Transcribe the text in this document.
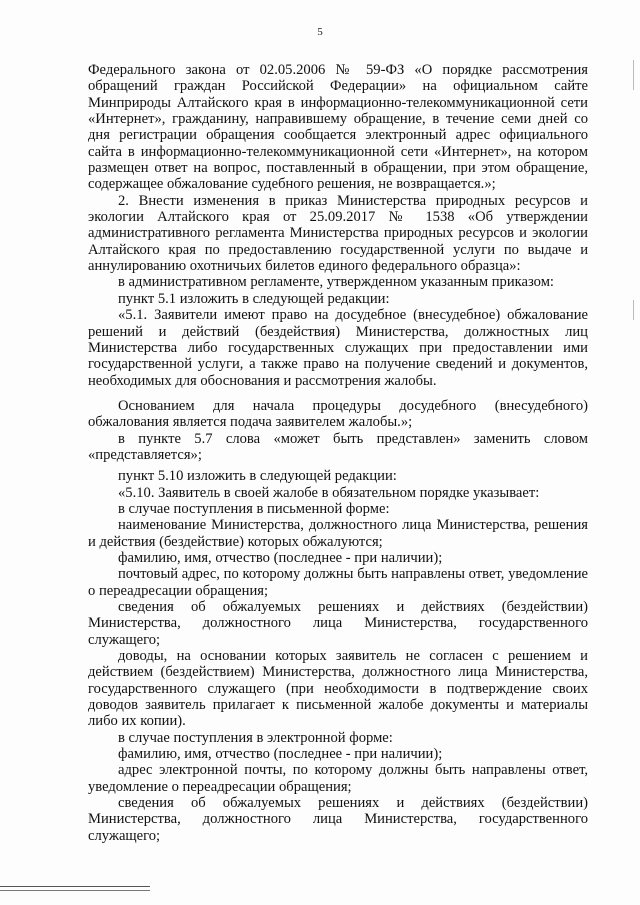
5

Федерального закона от 02.05.2006 № 59-ФЗ «О порядке рассмотрения обращений граждан Российской Федерации» на официальном сайте Минприроды Алтайского края в информационно-телекоммуникационной сети «Интернет», гражданину, направившему обращение, в течение семи дней со дня регистрации обращения сообщается электронный адрес официального сайта в информационно-телекоммуникационной сети «Интернет», на котором размещен ответ на вопрос, поставленный в обращении, при этом обращение, содержащее обжалование судебного решения, не возвращается.»;

2. Внести изменения в приказ Министерства природных ресурсов и экологии Алтайского края от 25.09.2017 № 1538 «Об утверждении административного регламента Министерства природных ресурсов и экологии Алтайского края по предоставлению государственной услуги по выдаче и аннулированию охотничьих билетов единого федерального образца»:

в административном регламенте, утвержденном указанным приказом:

пункт 5.1 изложить в следующей редакции:

«5.1. Заявители имеют право на досудебное (внесудебное) обжалование решений и действий (бездействия) Министерства, должностных лиц Министерства либо государственных служащих при предоставлении ими государственной услуги, а также право на получение сведений и документов, необходимых для обоснования и рассмотрения жалобы.

Основанием для начала процедуры досудебного (внесудебного) обжалования является подача заявителем жалобы.»;

в пункте 5.7 слова «может быть представлен» заменить словом «представляется»;

пункт 5.10 изложить в следующей редакции:

«5.10. Заявитель в своей жалобе в обязательном порядке указывает:

в случае поступления в письменной форме:

наименование Министерства, должностного лица Министерства, решения и действия (бездействие) которых обжалуются;

фамилию, имя, отчество (последнее - при наличии);

почтовый адрес, по которому должны быть направлены ответ, уведомление о переадресации обращения;

сведения об обжалуемых решениях и действиях (бездействии) Министерства, должностного лица Министерства, государственного служащего;

доводы, на основании которых заявитель не согласен с решением и действием (бездействием) Министерства, должностного лица Министерства, государственного служащего (при необходимости в подтверждение своих доводов заявитель прилагает к письменной жалобе документы и материалы либо их копии).

в случае поступления в электронной форме:

фамилию, имя, отчество (последнее - при наличии);

адрес электронной почты, по которому должны быть направлены ответ, уведомление о переадресации обращения;

сведения об обжалуемых решениях и действиях (бездействии) Министерства, должностного лица Министерства, государственного служащего;
